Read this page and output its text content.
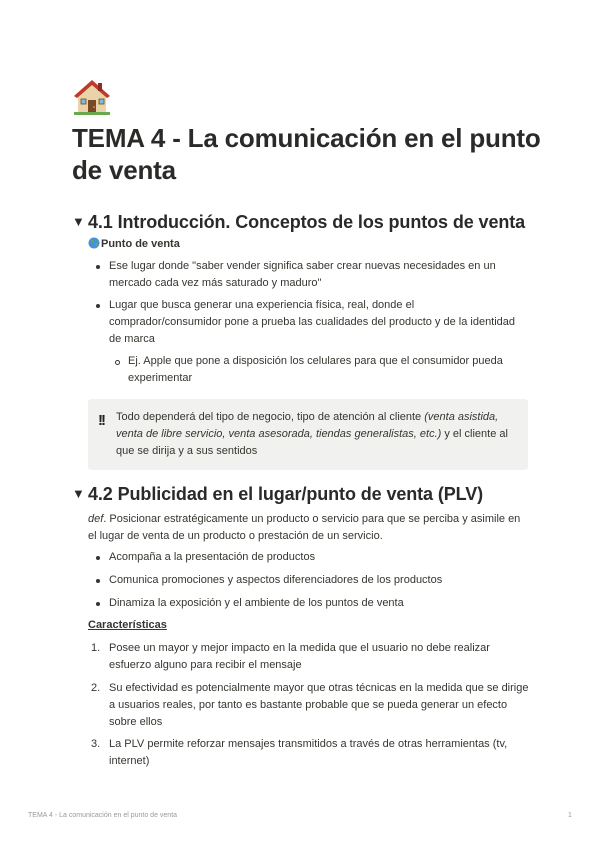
TEMA 4 - La comunicación en el punto de venta
▼ 4.1 Introducción. Conceptos de los puntos de venta
Punto de venta
Ese lugar donde "saber vender significa saber crear nuevas necesidades en un mercado cada vez más saturado y maduro"
Lugar que busca generar una experiencia física, real, donde el comprador/consumidor pone a prueba las cualidades del producto y de la identidad de marca
Ej. Apple que pone a disposición los celulares para que el consumidor pueda experimentar
!! Todo dependerá del tipo de negocio, tipo de atención al cliente (venta asistida, venta de libre servicio, venta asesorada, tiendas generalistas, etc.) y el cliente al que se dirija y a sus sentidos
▼ 4.2 Publicidad en el lugar/punto de venta (PLV)
def. Posicionar estratégicamente un producto o servicio para que se perciba y asimile en el lugar de venta de un producto o prestación de un servicio.
Acompaña a la presentación de productos
Comunica promociones y aspectos diferenciadores de los productos
Dinamiza la exposición y el ambiente de los puntos de venta
Características
1. Posee un mayor y mejor impacto en la medida que el usuario no debe realizar esfuerzo alguno para recibir el mensaje
2. Su efectividad es potencialmente mayor que otras técnicas en la medida que se dirige a usuarios reales, por tanto es bastante probable que se pueda generar un efecto sobre ellos
3. La PLV permite reforzar mensajes transmitidos a través de otras herramientas (tv, internet)
TEMA 4 - La comunicación en el punto de venta	1
